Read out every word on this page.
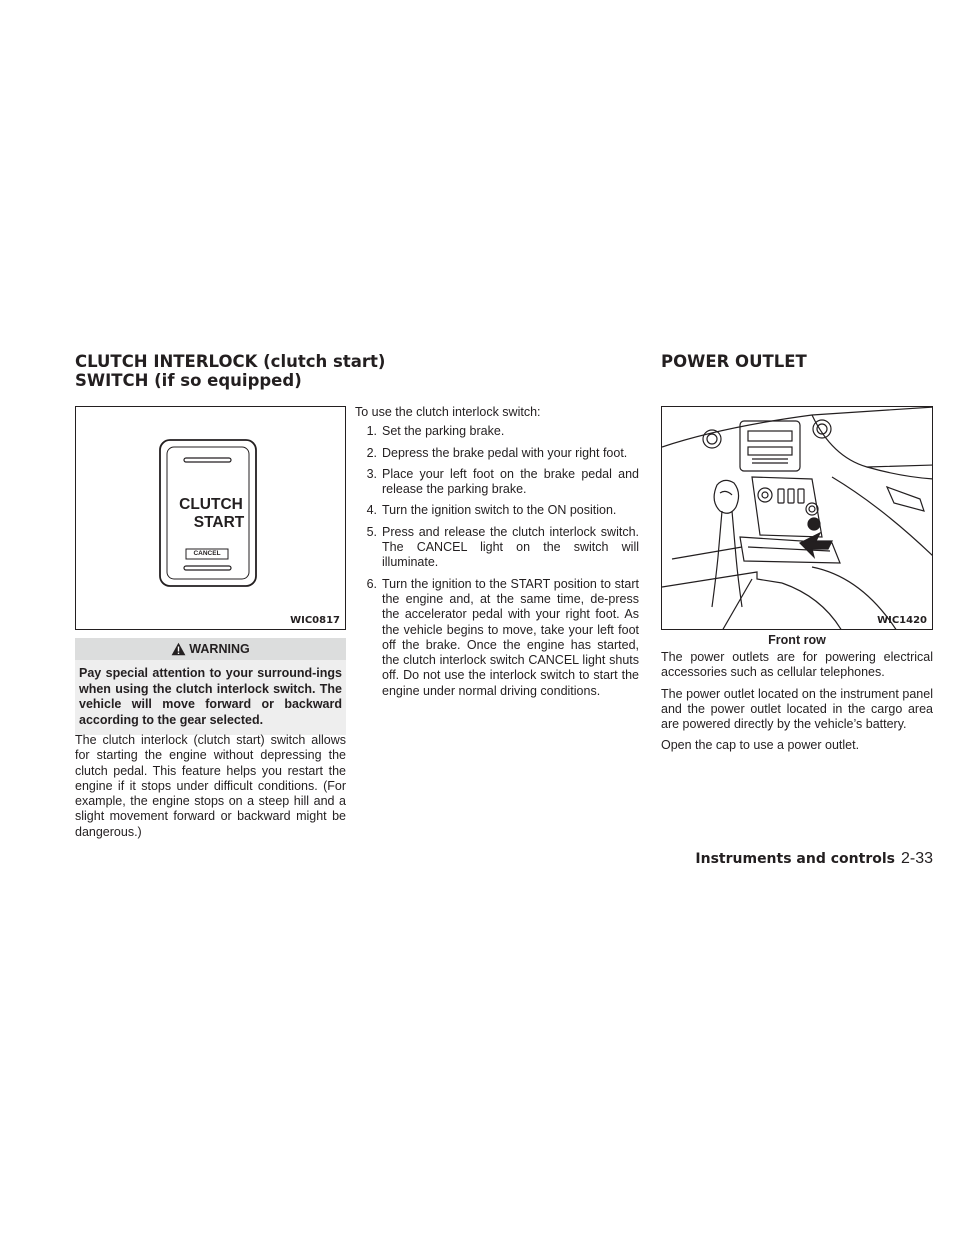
CLUTCH INTERLOCK (clutch start)
SWITCH (if so equipped)
POWER OUTLET
CLUTCH
START
CANCEL
WIC0817
WARNING
Pay special attention to your surround-ings when using the clutch interlock switch. The vehicle will move forward or backward according to the gear selected.

The clutch interlock (clutch start) switch allows for starting the engine without depressing the clutch pedal. This feature helps you restart the engine if it stops under difficult conditions. (For example, the engine stops on a steep hill and a slight movement forward or backward might be dangerous.)

To use the clutch interlock switch:
1. Set the parking brake.
2. Depress the brake pedal with your right foot.
3. Place your left foot on the brake pedal and release the parking brake.
4. Turn the ignition switch to the ON position.
5. Press and release the clutch interlock switch. The CANCEL light on the switch will illuminate.
6. Turn the ignition to the START position to start the engine and, at the same time, de-press the accelerator pedal with your right foot. As the vehicle begins to move, take your left foot off the brake. Once the engine has started, the clutch interlock switch CANCEL light shuts off. Do not use the interlock switch to start the engine under normal driving conditions.
WIC1420
Front row

The power outlets are for powering electrical accessories such as cellular telephones.

The power outlet located on the instrument panel and the power outlet located in the cargo area are powered directly by the vehicle’s battery.

Open the cap to use a power outlet.

Instruments and controls 2-33
